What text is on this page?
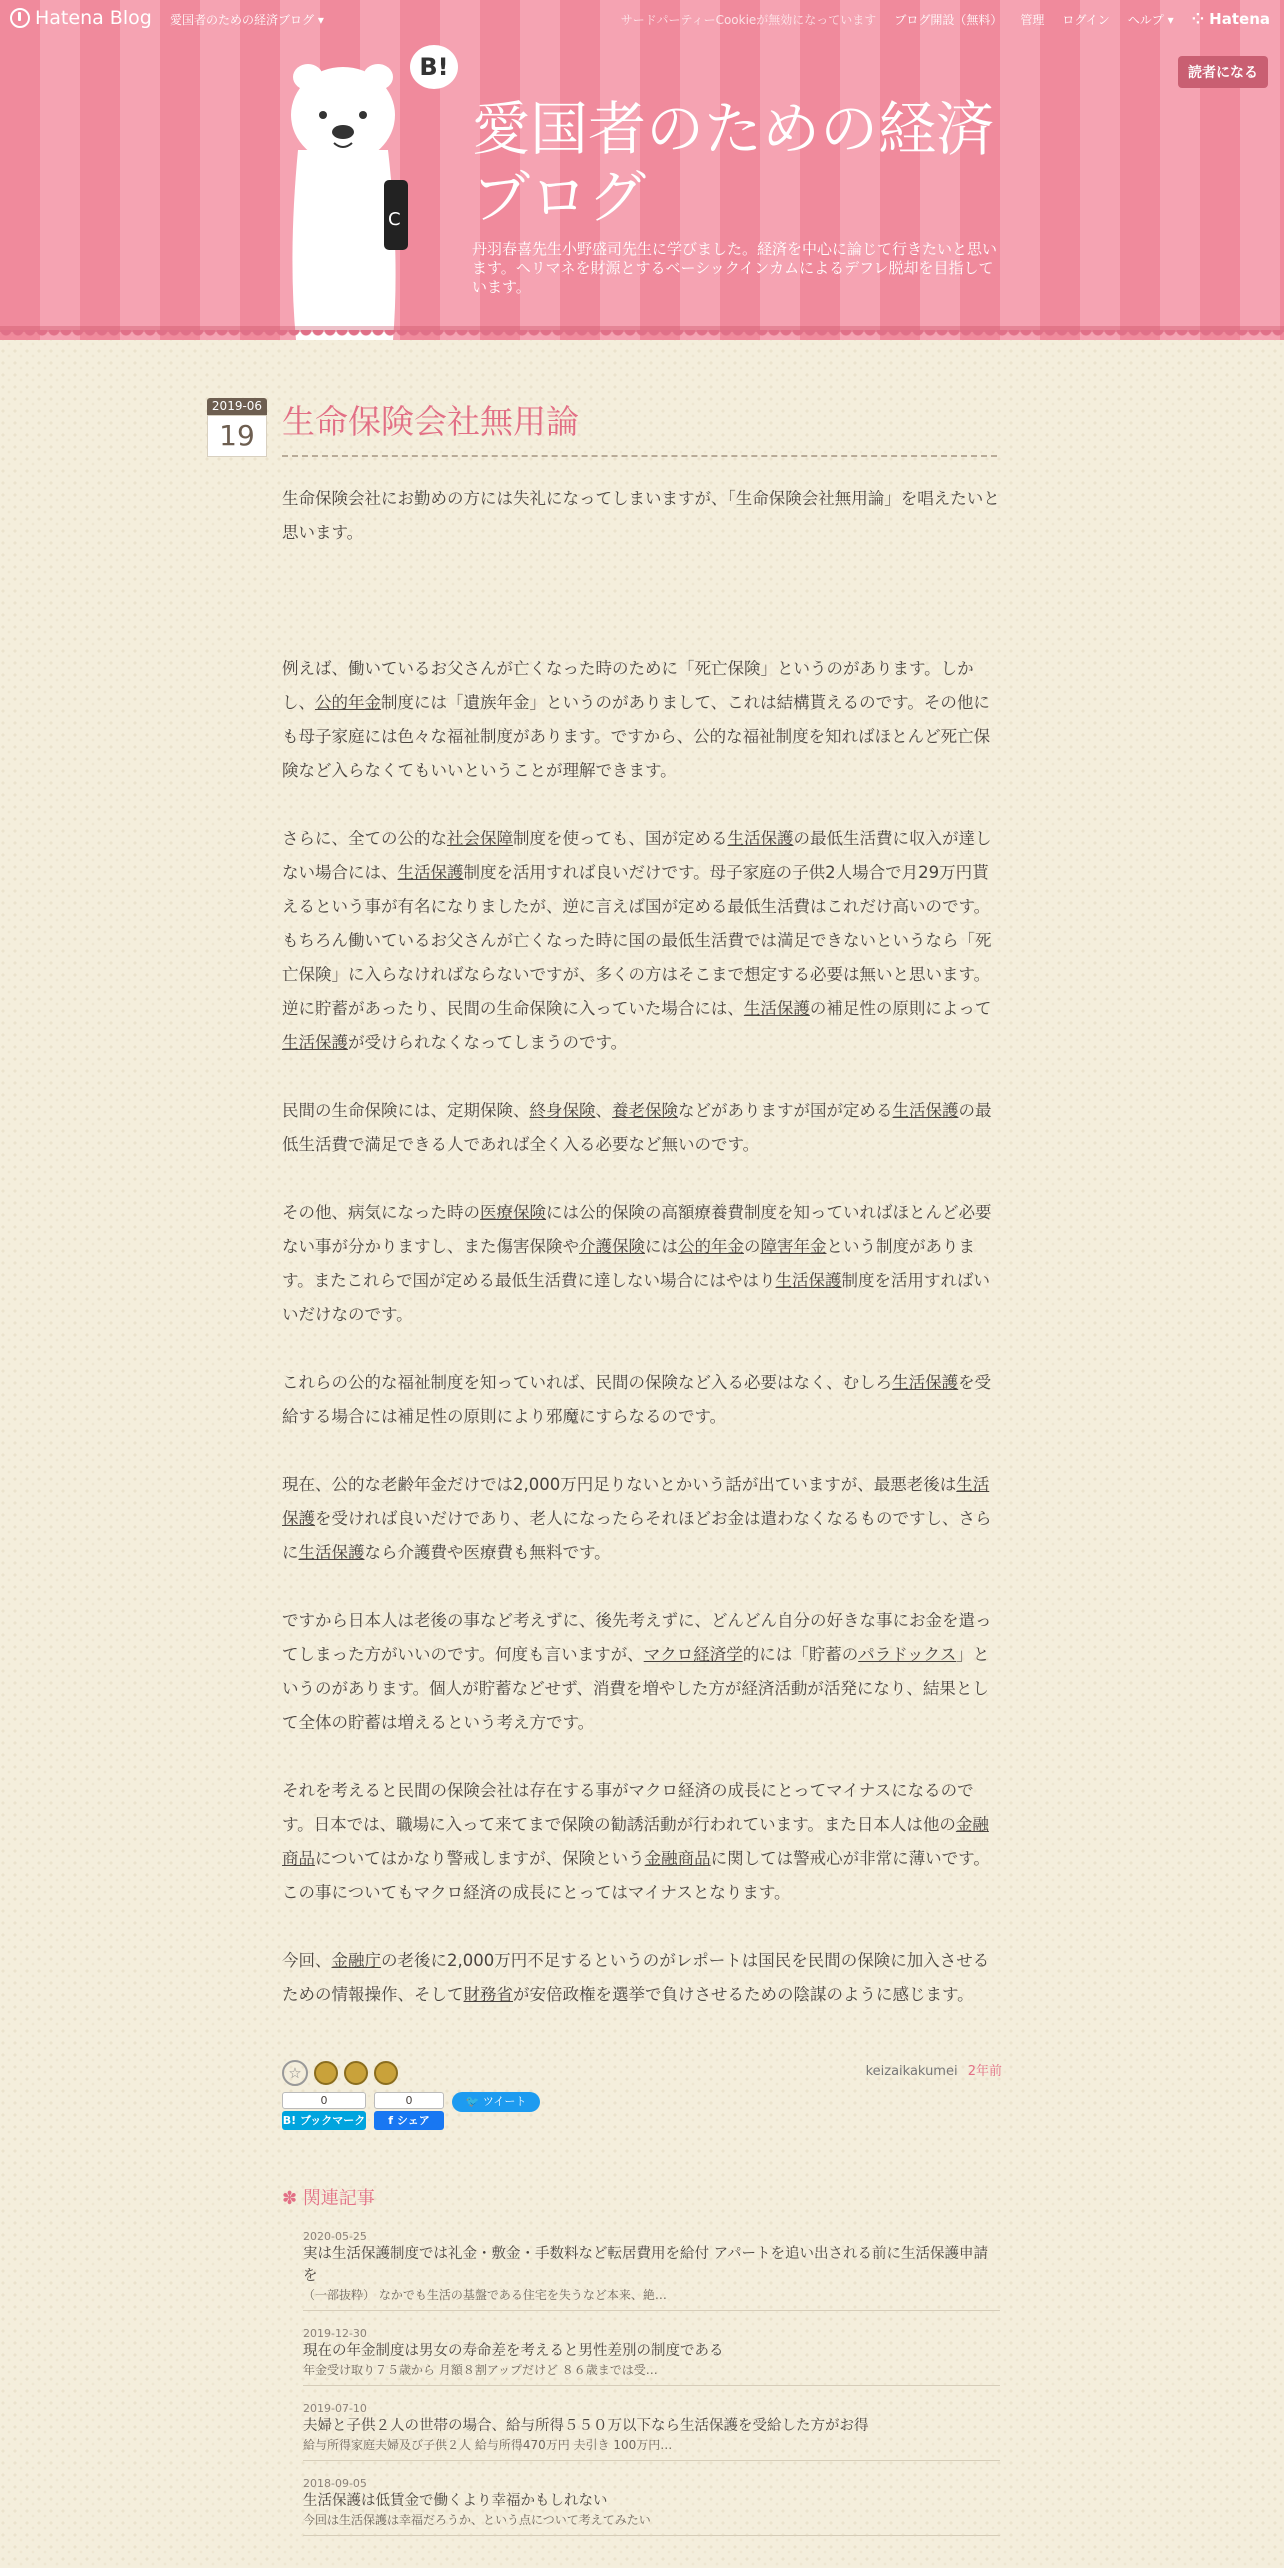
C
B!
愛国者のための経済ブログ
丹羽春喜先生小野盛司先生に学びました。経済を中心に論じて行きたいと思います。ヘリマネを財源とするベーシックインカムによるデフレ脱却を目指しています。
読者になる
Hatena Blog 愛国者のための経済ブログ ▾	サードパーティーCookieが無効になっています ブログ開設（無料） 管理 ログイン ヘルプ ▾ ⁘ Hatena
2019-06
19 生命保険会社無用論

生命保険会社にお勤めの方には失礼になってしまいますが、「生命保険会社無用論」を唱えたいと思います。

例えば、働いているお父さんが亡くなった時のために「死亡保険」というのがあります。しかし、公的年金制度には「遺族年金」というのがありまして、これは結構貰えるのです。その他にも母子家庭には色々な福祉制度があります。ですから、公的な福祉制度を知ればほとんど死亡保険など入らなくてもいいということが理解できます。

さらに、全ての公的な社会保障制度を使っても、国が定める生活保護の最低生活費に収入が達しない場合には、生活保護制度を活用すれば良いだけです。母子家庭の子供2人場合で月29万円貰えるという事が有名になりましたが、逆に言えば国が定める最低生活費はこれだけ高いのです。もちろん働いているお父さんが亡くなった時に国の最低生活費では満足できないというなら「死亡保険」に入らなければならないですが、多くの方はそこまで想定する必要は無いと思います。逆に貯蓄があったり、民間の生命保険に入っていた場合には、生活保護の補足性の原則によって生活保護が受けられなくなってしまうのです。

民間の生命保険には、定期保険、終身保険、養老保険などがありますが国が定める生活保護の最低生活費で満足できる人であれば全く入る必要など無いのです。

その他、病気になった時の医療保険には公的保険の高額療養費制度を知っていればほとんど必要ない事が分かりますし、また傷害保険や介護保険には公的年金の障害年金という制度があります。またこれらで国が定める最低生活費に達しない場合にはやはり生活保護制度を活用すればいいだけなのです。

これらの公的な福祉制度を知っていれば、民間の保険など入る必要はなく、むしろ生活保護を受給する場合には補足性の原則により邪魔にすらなるのです。

現在、公的な老齢年金だけでは2,000万円足りないとかいう話が出ていますが、最悪老後は生活保護を受ければ良いだけであり、老人になったらそれほどお金は遣わなくなるものですし、さらに生活保護なら介護費や医療費も無料です。

ですから日本人は老後の事など考えずに、後先考えずに、どんどん自分の好きな事にお金を遣ってしまった方がいいのです。何度も言いますが、マクロ経済学的には「貯蓄のパラドックス」というのがあります。個人が貯蓄などせず、消費を増やした方が経済活動が活発になり、結果として全体の貯蓄は増えるという考え方です。

それを考えると民間の保険会社は存在する事がマクロ経済の成長にとってマイナスになるのです。日本では、職場に入って来てまで保険の勧誘活動が行われています。また日本人は他の金融商品についてはかなり警戒しますが、保険という金融商品に関しては警戒心が非常に薄いです。この事についてもマクロ経済の成長にとってはマイナスとなります。

今回、金融庁の老後に2,000万円不足するというのがレポートは国民を民間の保険に加入させるための情報操作、そして財務省が安倍政権を選挙で負けさせるための陰謀のように感じます。

☆	keizaikakumei 2年前
0
B! ブックマーク
0
f シェア
🐦 ツイート
✽ 関連記事
2020-05-25
実は生活保護制度では礼金・敷金・手数料など転居費用を給付 アパートを追い出される前に生活保護申請を
（一部抜粋） なかでも生活の基盤である住宅を失うなど本来、絶…
2019-12-30
現在の年金制度は男女の寿命差を考えると男性差別の制度である
年金受け取り７５歳から 月額８割アップだけど ８６歳までは受…
2019-07-10
夫婦と子供２人の世帯の場合、給与所得５５０万以下なら生活保護を受給した方がお得
給与所得家庭夫婦及び子供２人 給与所得470万円 夫引き 100万円…
2018-09-05
生活保護は低賃金で働くより幸福かもしれない
今回は生活保護は幸福だろうか、という点について考えてみたい
